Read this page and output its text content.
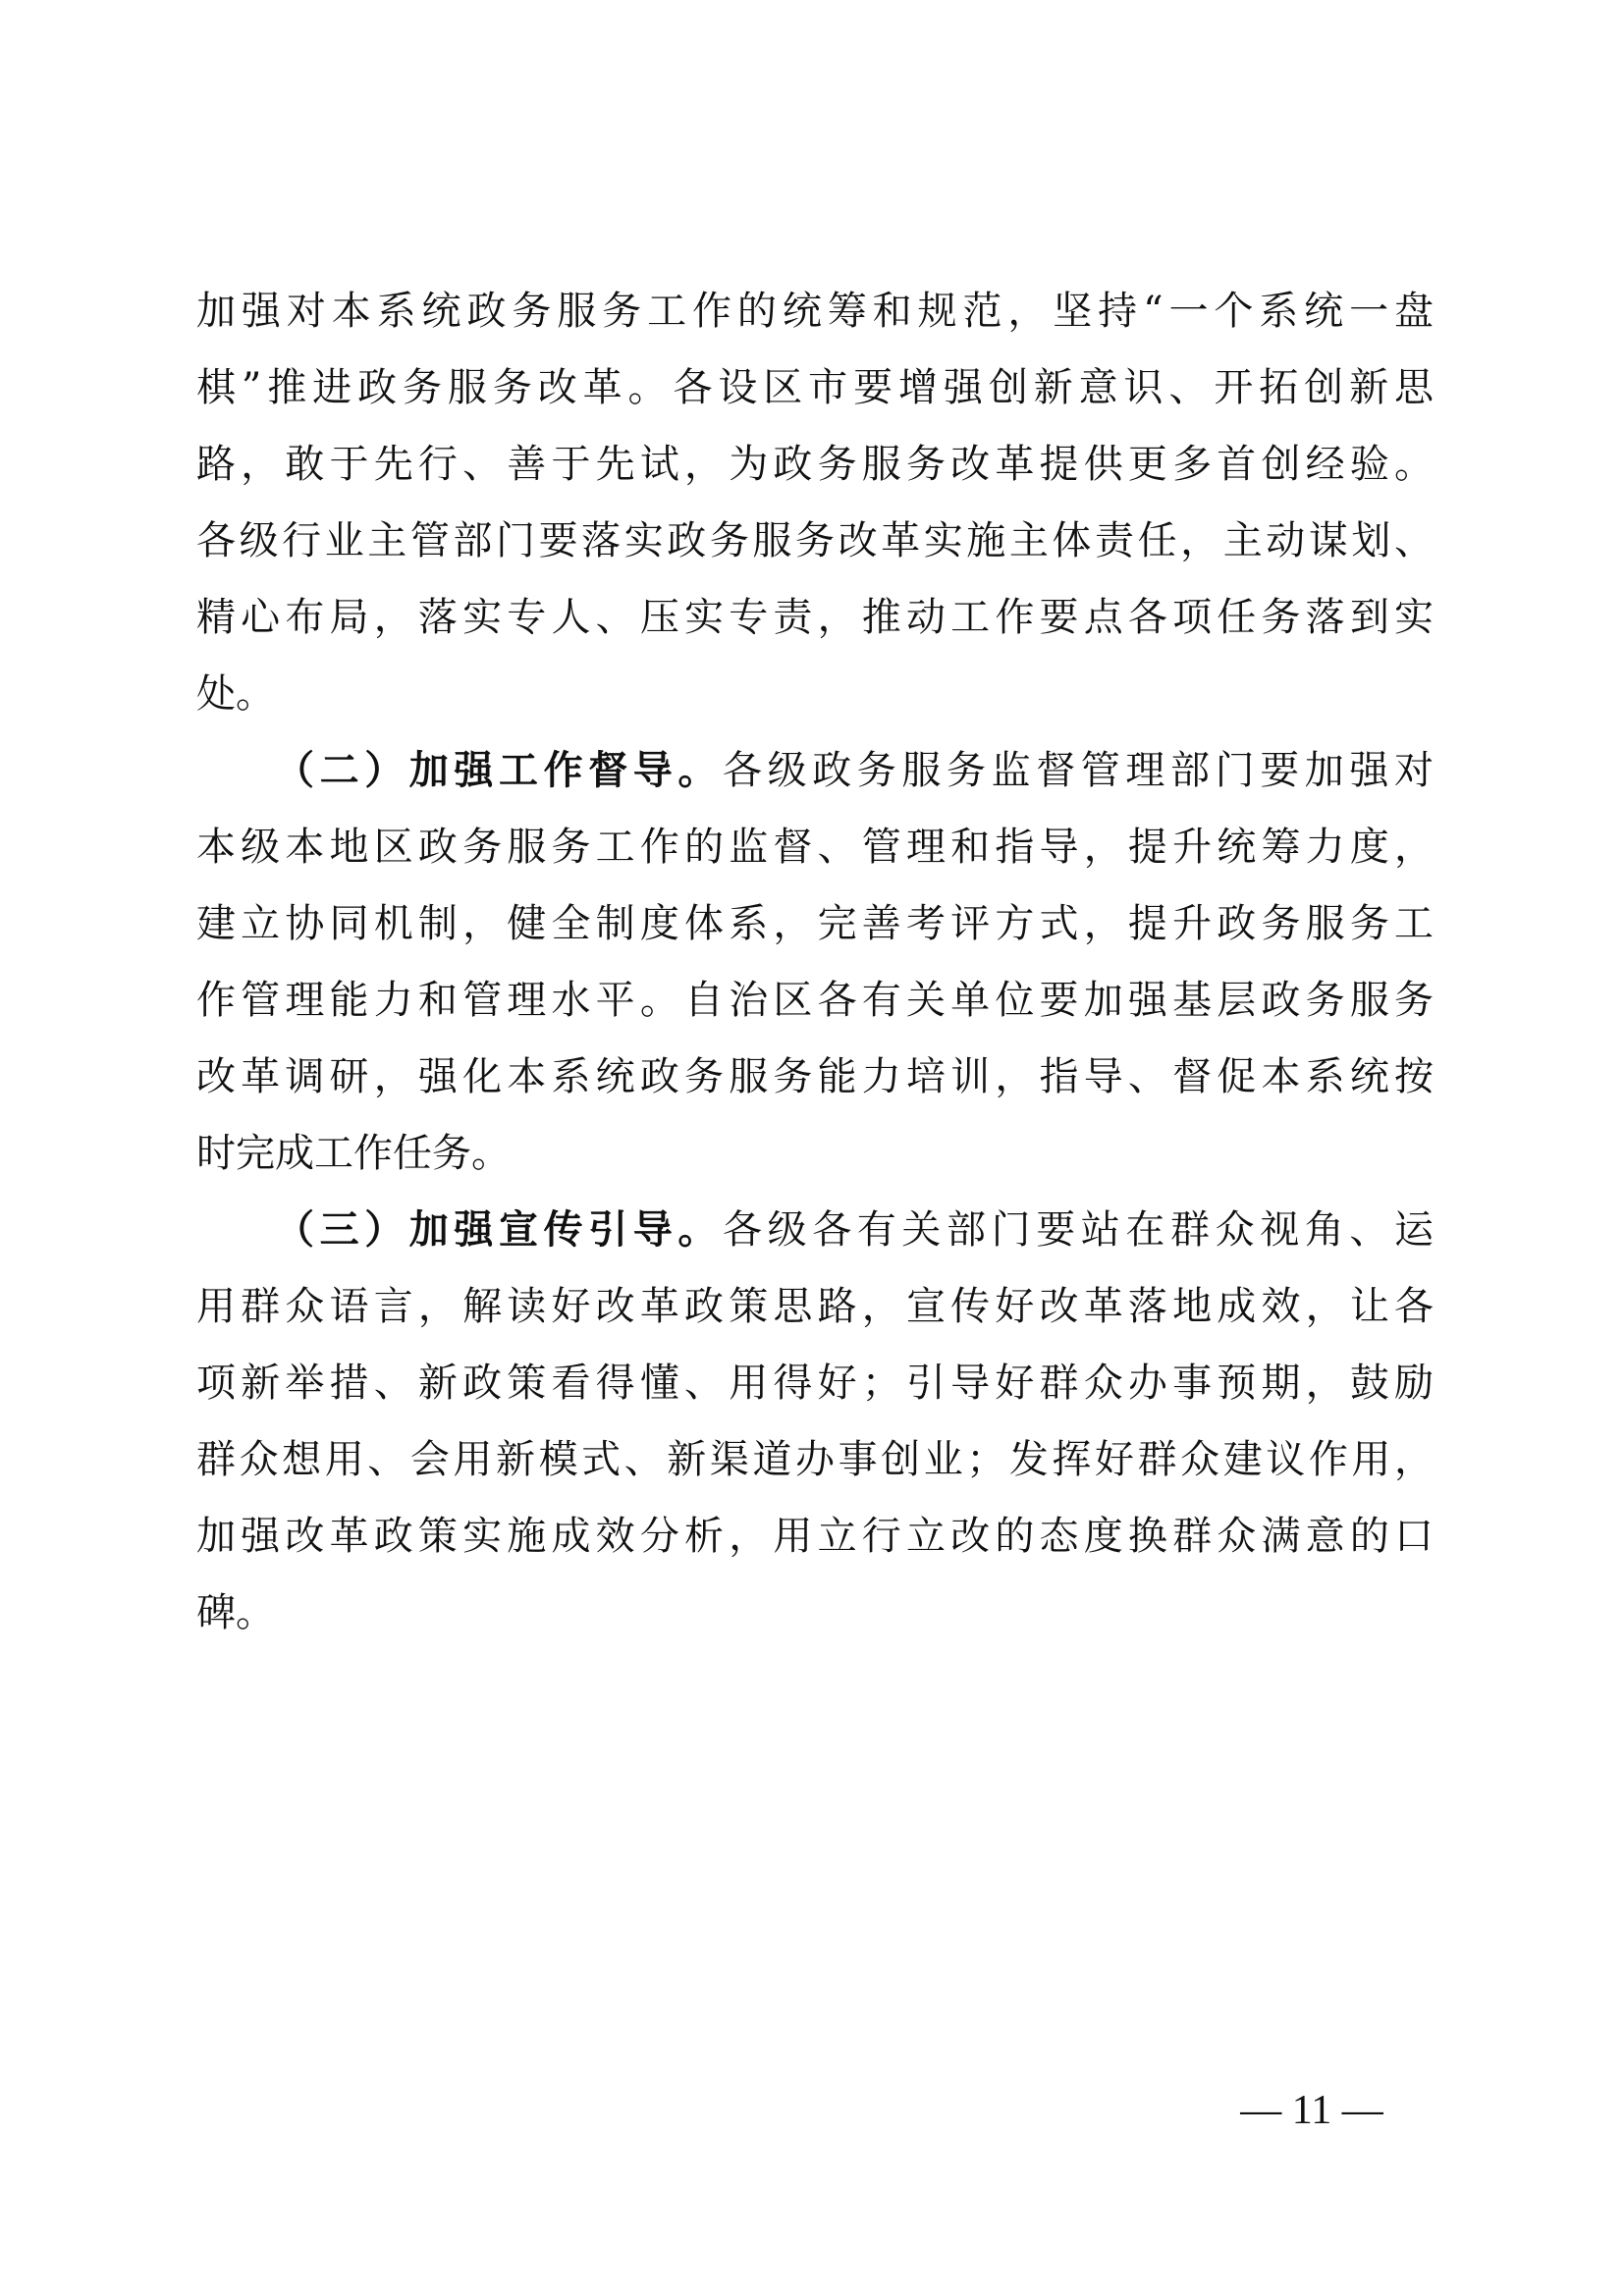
加强对本系统政务服务工作的统筹和规范，坚持“一个系统一盘
棋”推进政务服务改革。各设区市要增强创新意识、开拓创新思
路，敢于先行、善于先试，为政务服务改革提供更多首创经验。
各级行业主管部门要落实政务服务改革实施主体责任，主动谋划、
精心布局，落实专人、压实专责，推动工作要点各项任务落到实
处。
（二）加强工作督导。各级政务服务监督管理部门要加强对
本级本地区政务服务工作的监督、管理和指导，提升统筹力度，
建立协同机制，健全制度体系，完善考评方式，提升政务服务工
作管理能力和管理水平。自治区各有关单位要加强基层政务服务
改革调研，强化本系统政务服务能力培训，指导、督促本系统按
时完成工作任务。
（三）加强宣传引导。各级各有关部门要站在群众视角、运
用群众语言，解读好改革政策思路，宣传好改革落地成效，让各
项新举措、新政策看得懂、用得好；引导好群众办事预期，鼓励
群众想用、会用新模式、新渠道办事创业；发挥好群众建议作用，
加强改革政策实施成效分析，用立行立改的态度换群众满意的口
碑。
— 11 —
